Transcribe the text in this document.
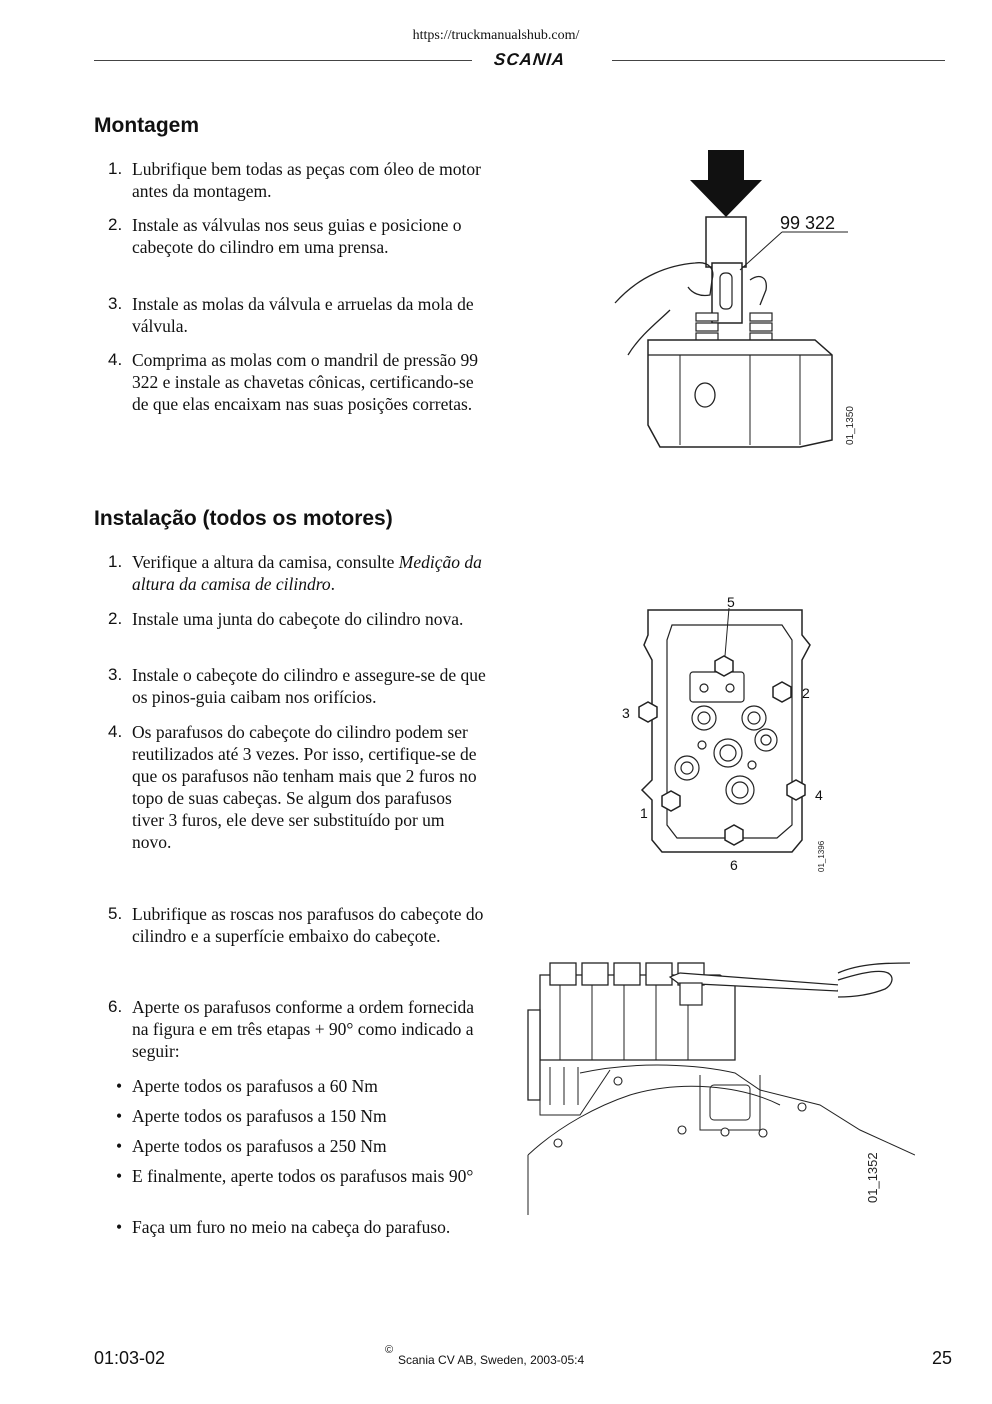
https://truckmanualshub.com/
SCANIA
Montagem
1. Lubrifique bem todas as peças com óleo de motor antes da montagem.
2. Instale as válvulas nos seus guias e posicione o cabeçote do cilindro em uma prensa.
3. Instale as molas da válvula e arruelas da mola de válvula.
4. Comprima as molas com o mandril de pressão 99 322 e instale as chavetas cônicas, certificando-se de que elas encaixam nas suas posições corretas.
99 322
01_1350
Instalação (todos os motores)
1. Verifique a altura da camisa, consulte Medição da altura da camisa de cilindro.
2. Instale uma junta do cabeçote do cilindro nova.
3. Instale o cabeçote do cilindro e assegure-se de que os pinos-guia caibam nos orifícios.
4. Os parafusos do cabeçote do cilindro podem ser reutilizados até 3 vezes. Por isso, certifique-se de que os parafusos não tenham mais que 2 furos no topo de suas cabeças. Se algum dos parafusos tiver 3 furos, ele deve ser substituído por um novo.
5. Lubrifique as roscas nos parafusos do cabeçote do cilindro e a superfície embaixo do cabeçote.
6. Aperte os parafusos conforme a ordem fornecida na figura e em três etapas + 90° como indicado a seguir:
• Aperte todos os parafusos a 60 Nm
• Aperte todos os parafusos a 150 Nm
• Aperte todos os parafusos a 250 Nm
• E finalmente, aperte todos os parafusos mais 90°
• Faça um furo no meio na cabeça do parafuso.
1
2
3
4
5
6	01_1396
01_1352
01:03-02	©
Scania CV AB, Sweden, 2003-05:4	25
